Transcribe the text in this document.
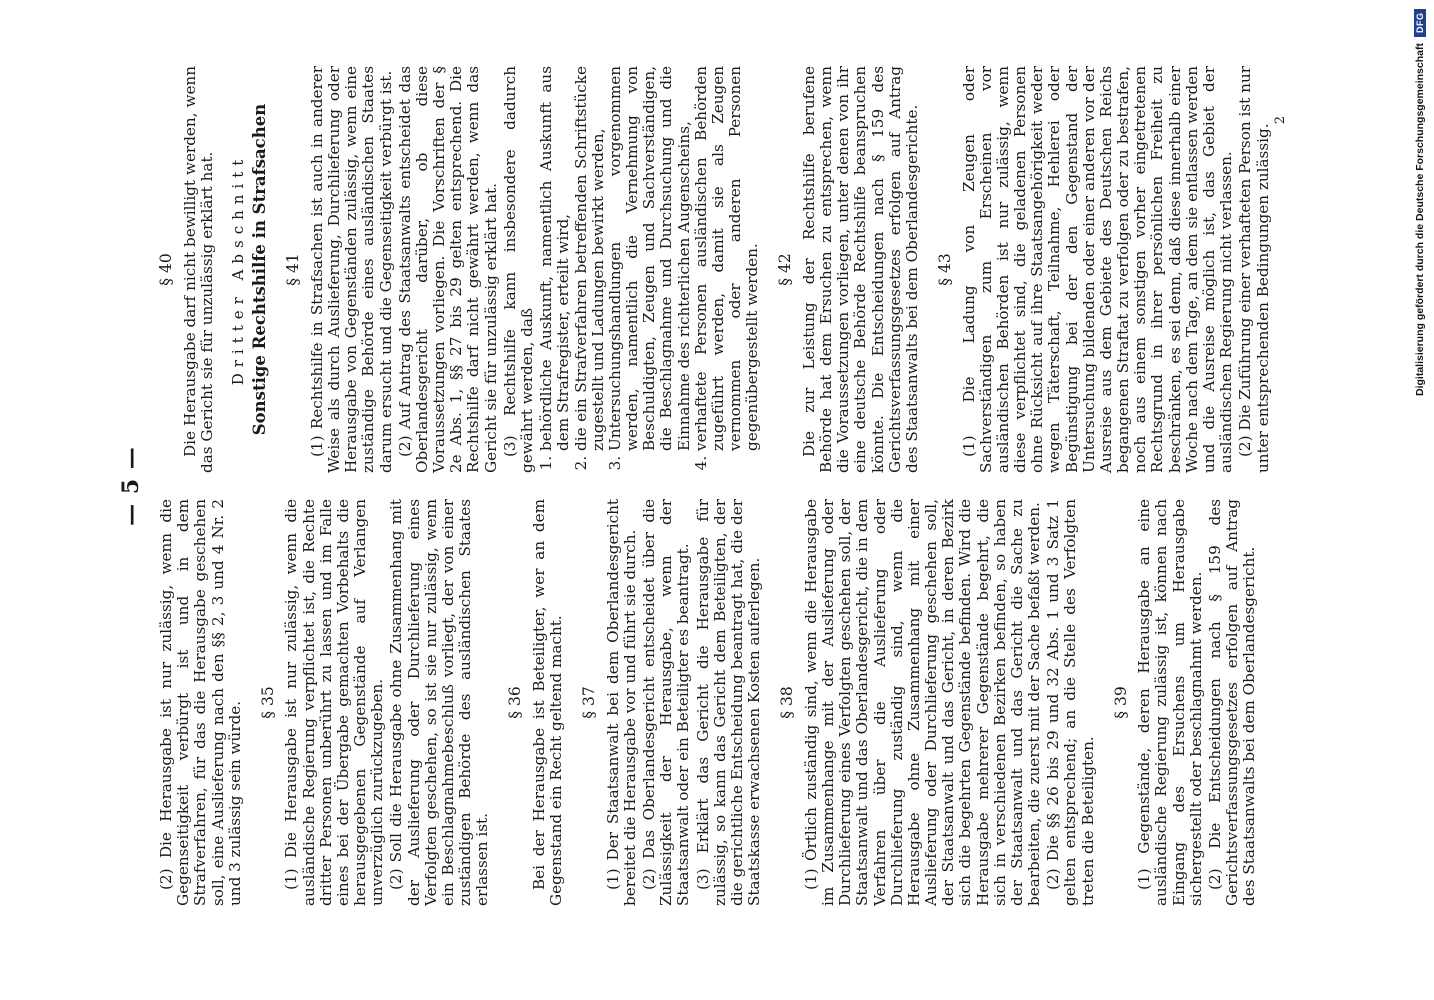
— 5 —

(2) Die Herausgabe ist nur zulässig, wenn die Gegenseitigkeit verbürgt ist und in dem Strafverfahren, für das die Herausgabe geschehen soll, eine Auslieferung nach den §§ 2, 3 und 4 Nr. 2 und 3 zulässig sein würde. § 35 (1) Die Herausgabe ist nur zulässig, wenn die ausländische Regierung verpflichtet ist, die Rechte dritter Personen unberührt zu lassen und im Falle eines bei der Übergabe gemachten Vorbehalts die herausgegebenen Gegenstände auf Verlangen unverzüglich zurückzugeben. (2) Soll die Herausgabe ohne Zusammenhang mit der Auslieferung oder Durchlieferung eines Verfolgten geschehen, so ist sie nur zulässig, wenn ein Beschlagnahmebeschluß vorliegt, der von einer zuständigen Behörde des ausländischen Staates erlassen ist.

§ 36 Bei der Herausgabe ist Beteiligter, wer an dem Gegenstand ein Recht geltend macht. § 37 (1) Der Staatsanwalt bei dem Oberlandesgericht bereitet die Herausgabe vor und führt sie durch. (2) Das Oberlandesgericht entscheidet über die Zulässigkeit der Herausgabe, wenn der Staatsanwalt oder ein Beteiligter es beantragt. (3) Erklärt das Gericht die Herausgabe für zulässig, so kann das Gericht dem Beteiligten, der die gerichtliche Entscheidung beantragt hat, die der Staatskasse erwachsenen Kosten auferlegen. § 38 (1) Örtlich zuständig sind, wenn die Herausgabe im Zusammenhange mit der Auslieferung oder Durchlieferung eines Verfolgten geschehen soll, der Staatsanwalt und das Oberlandesgericht, die in dem Verfahren über die Auslieferung oder Durchlieferung zuständig sind, wenn die Herausgabe ohne Zusammenhang mit einer Auslieferung oder Durchlieferung geschehen soll, der Staatsanwalt und das Gericht, in deren Bezirk sich die begehrten Gegenstände befinden. Wird die Herausgabe mehrerer Gegenstände begehrt, die sich in verschiedenen Bezirken befinden, so haben der Staatsanwalt und das Gericht die Sache zu bearbeiten, die zuerst mit der Sache befaßt werden. (2) Die §§ 26 bis 29 und 32 Abs. 1 und 3 Satz 1 gelten entsprechend; an die Stelle des Verfolgten treten die Beteiligten.

§ 39 (1) Gegenstände, deren Herausgabe an eine ausländische Regierung zulässig ist, können nach Eingang des Ersuchens um Herausgabe sichergestellt oder beschlagnahmt werden. (2) Die Entscheidungen nach § 159 des Gerichtsverfassungsgesetzes erfolgen auf Antrag des Staatsanwalts bei dem Oberlandesgericht.

§ 40 Die Herausgabe darf nicht bewilligt werden, wenn das Gericht sie für unzulässig erklärt hat. Dritter Abschnitt Sonstige Rechtshilfe in Strafsachen § 41 (1) Rechtshilfe in Strafsachen ist auch in anderer Weise als durch Auslieferung, Durchlieferung oder Herausgabe von Gegenständen zulässig, wenn eine zuständige Behörde eines ausländischen Staates darum ersucht und die Gegenseitigkeit verbürgt ist. (2) Auf Antrag des Staatsanwalts entscheidet das Oberlandesgericht darüber, ob diese Voraussetzungen vorliegen. Die Vorschriften der § 2e Abs. 1, §§ 27 bis 29 gelten entsprechend. Die Rechtshilfe darf nicht gewährt werden, wenn das Gericht sie für unzulässig erklärt hat. (3) Rechtshilfe kann insbesondere dadurch gewährt werden, daß 1. behördliche Auskunft, namentlich Auskunft aus dem Strafregister, erteilt wird, 2. die ein Strafverfahren betreffenden Schriftstücke zugestellt und Ladungen bewirkt werden, 3. Untersuchungshandlungen vorgenommen werden, namentlich die Vernehmung von Beschuldigten, Zeugen und Sachverständigen, die Beschlagnahme und Durchsuchung und die Einnahme des richterlichen Augenscheins, 4. verhaftete Personen ausländischen Behörden zugeführt werden, damit sie als Zeugen vernommen oder anderen Personen gegenübergestellt werden. § 42 Die zur Leistung der Rechtshilfe berufene Behörde hat dem Ersuchen zu entsprechen, wenn die Voraussetzungen vorliegen, unter denen von ihr eine deutsche Behörde Rechtshilfe beanspruchen könnte. Die Entscheidungen nach § 159 des Gerichtsverfassungsgesetzes erfolgen auf Antrag des Staatsanwalts bei dem Oberlandesgerichte. § 43 (1) Die Ladung von Zeugen oder Sachverständigen zum Erscheinen vor ausländischen Behörden ist nur zulässig, wenn diese verpflichtet sind, die geladenen Personen ohne Rücksicht auf ihre Staatsangehörigkeit weder wegen Täterschaft, Teilnahme, Hehlerei oder Begünstigung bei der den Gegenstand der Untersuchung bildenden oder einer anderen vor der Ausreise aus dem Gebiete des Deutschen Reichs begangenen Straftat zu verfolgen oder zu bestrafen, noch aus einem sonstigen vorher eingetretenen Rechtsgrund in ihrer persönlichen Freiheit zu beschränken, es sei denn, daß diese innerhalb einer Woche nach dem Tage, an dem sie entlassen werden und die Ausreise möglich ist, das Gebiet der ausländischen Regierung nicht verlassen. (2) Die Zuführung einer verhafteten Person ist nur unter entsprechenden Bedingungen zulässig.

2	Digitalisierung gefördert durch die Deutsche Forschungsgemeinschaft
DFG
